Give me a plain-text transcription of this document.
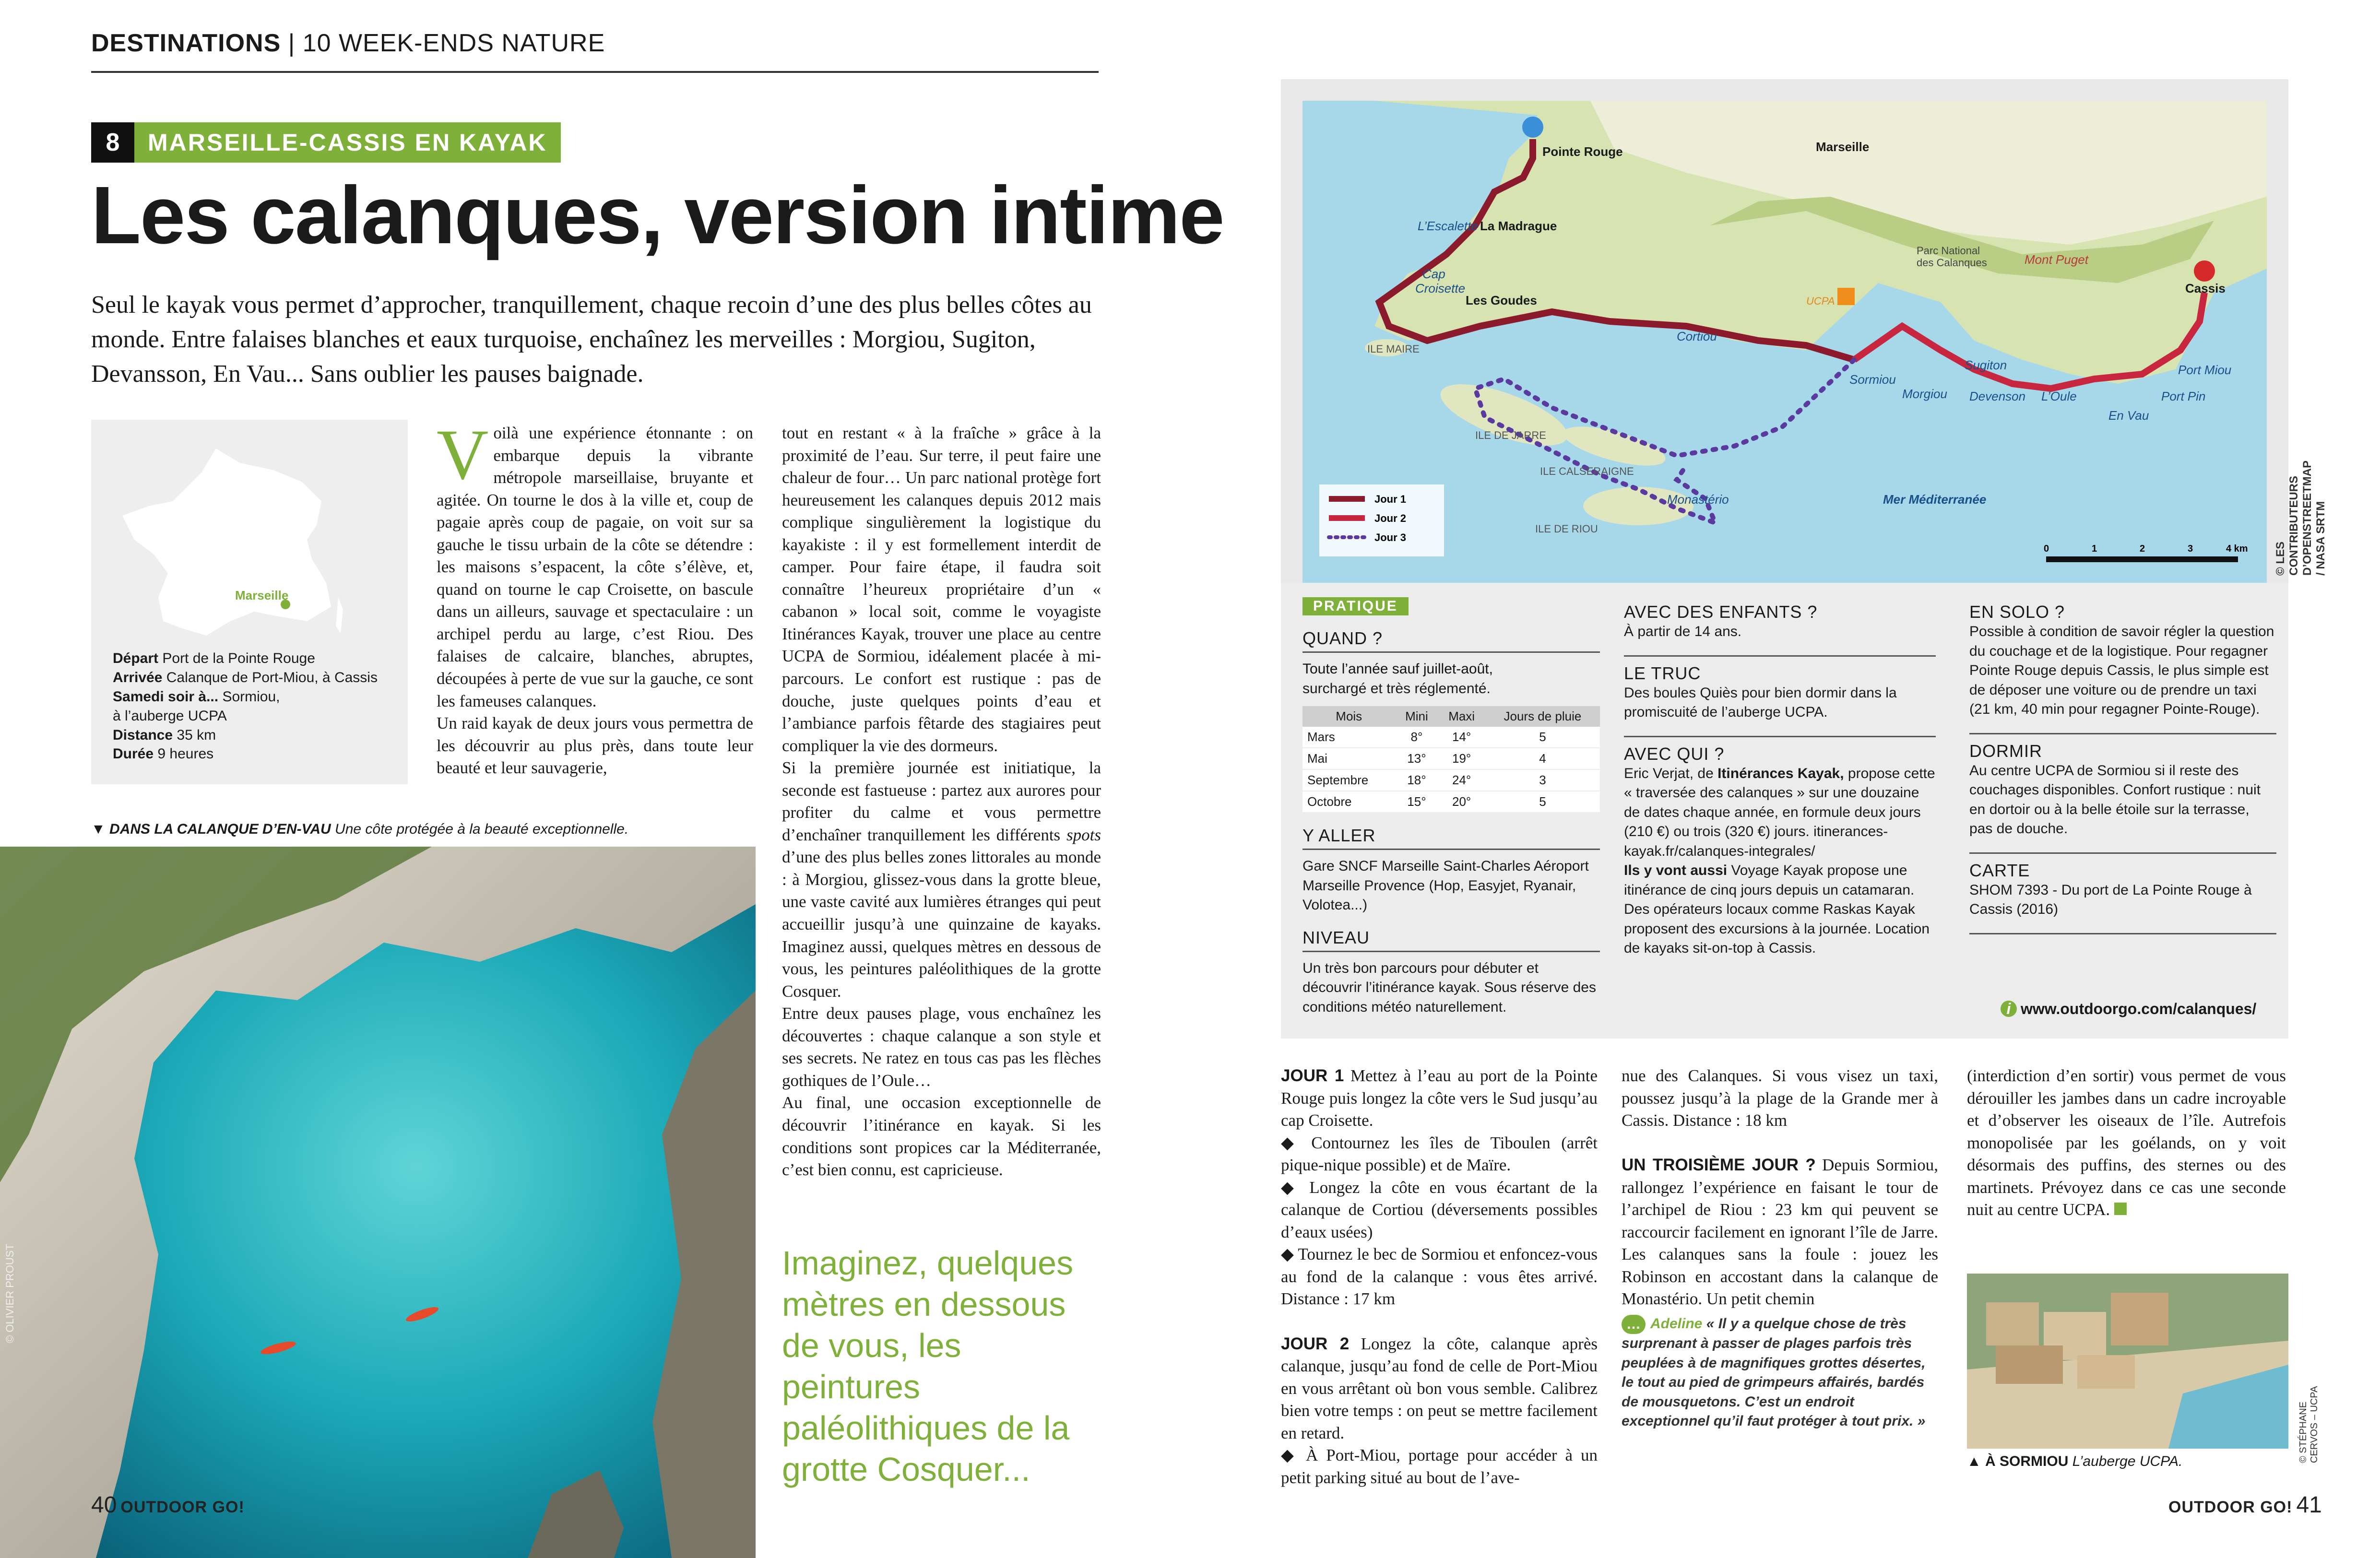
DESTINATIONS | 10 WEEK-ENDS NATURE
8	MARSEILLE-CASSIS EN KAYAK
Les calanques, version intime
Seul le kayak vous permet d’approcher, tranquillement, chaque recoin d’une des plus belles côtes au monde. Entre falaises blanches et eaux turquoise, enchaînez les merveilles : Morgiou, Sugiton, Devansson, En Vau... Sans oublier les pauses baignade.
Marseille
Départ Port de la Pointe Rouge
Arrivée Calanque de Port-Miou, à Cassis
Samedi soir à... Sormiou,
à l’auberge UCPA
Distance 35 km
Durée 9 heures
Voilà une expérience étonnante : on embarque depuis la vibrante métropole marseillaise, bruyante et agitée. On tourne le dos à la ville et, coup de pagaie après coup de pagaie, on voit sur sa gauche le tissu urbain de la côte se détendre : les maisons s’espacent, la côte s’élève, et, quand on tourne le cap Croisette, on bascule dans un ailleurs, sauvage et spectaculaire : un archipel perdu au large, c’est Riou. Des falaises de calcaire, blanches, abruptes, découpées à perte de vue sur la gauche, ce sont les fameuses calanques.
Un raid kayak de deux jours vous permettra de les découvrir au plus près, dans toute leur beauté et leur sauvagerie,
tout en restant « à la fraîche » grâce à la proximité de l’eau. Sur terre, il peut faire une chaleur de four… Un parc national protège fort heureusement les calanques depuis 2012 mais complique singulièrement la logistique du kayakiste : il y est formellement interdit de camper. Pour faire étape, il faudra soit connaître l’heureux propriétaire d’un « cabanon » local soit, comme le voyagiste Itinérances Kayak, trouver une place au centre UCPA de Sormiou, idéalement placée à mi-parcours. Le confort est rustique : pas de douche, juste quelques points d’eau et l’ambiance parfois fêtarde des stagiaires peut compliquer la vie des dormeurs.
Si la première journée est initiatique, la seconde est fastueuse : partez aux aurores pour profiter du calme et vous permettre d’enchaîner tranquillement les différents spots d’une des plus belles zones littorales au monde : à Morgiou, glissez-vous dans la grotte bleue, une vaste cavité aux lumières étranges qui peut accueillir jusqu’à une quinzaine de kayaks. Imaginez aussi, quelques mètres en dessous de vous, les peintures paléolithiques de la grotte Cosquer.
Entre deux pauses plage, vous enchaînez les découvertes : chaque calanque a son style et ses secrets. Ne ratez en tous cas pas les flèches gothiques de l’Oule…
Au final, une occasion exceptionnelle de découvrir l’itinérance en kayak. Si les conditions sont propices car la Méditerranée, c’est bien connu, est capricieuse.
▼ DANS LA CALANQUE D’EN-VAU Une côte protégée à la beauté exceptionnelle.
© OLIVIER PROUST	Imaginez, quelques mètres en dessous de vous, les peintures paléolithiques de la grotte Cosquer...
40 OUTDOOR GO!
Marseille
Pointe Rouge
L’Escalette La Madrague
Cap
Croisette
Les Goudes
ILE MAIRE
Cortiou
UCPA
Parc National
des Calanques	Mont Puget
Cassis
Sormiou
Morgiou
Sugiton
Devenson L’Oule
Port Miou
Port Pin
En Vau
ILE DE JARRE
ILE CALSERAIGNE
ILE DE RIOU
Monastério	Mer Méditerranée
Jour 1
Jour 2
Jour 3
0	1	2	3	4 km © LES CONTRIBUTEURS D’OPENSTREETMAP / NASA SRTM
PRATIQUE
QUAND ?
Toute l’année sauf juillet-août,
surchargé et très réglementé.
Mois	Mini	Maxi	Jours de pluie
Mars	8°	14°	5
Mai	13°	19°	4
Septembre	18°	24°	3
Octobre	15°	20°	5
Y ALLER
Gare SNCF Marseille Saint-Charles Aéroport Marseille Provence (Hop, Easyjet, Ryanair, Volotea...)
NIVEAU
Un très bon parcours pour débuter et découvrir l’itinérance kayak. Sous réserve des conditions météo naturellement.
AVEC DES ENFANTS ?
À partir de 14 ans.
LE TRUC
Des boules Quiès pour bien dormir dans la promiscuité de l’auberge UCPA.
AVEC QUI ?
Eric Verjat, de Itinérances Kayak, propose cette « traversée des calanques » sur une douzaine de dates chaque année, en formule deux jours (210 €) ou trois (320 €) jours. itinerances-kayak.fr/calanques-integrales/
Ils y vont aussi Voyage Kayak propose une itinérance de cinq jours depuis un catamaran. Des opérateurs locaux comme Raskas Kayak proposent des excursions à la journée. Location de kayaks sit-on-top à Cassis.
EN SOLO ?
Possible à condition de savoir régler la question du couchage et de la logistique. Pour regagner Pointe Rouge depuis Cassis, le plus simple est de déposer une voiture ou de prendre un taxi (21 km, 40 min pour regagner Pointe-Rouge).
DORMIR
Au centre UCPA de Sormiou si il reste des couchages disponibles. Confort rustique : nuit en dortoir ou à la belle étoile sur la terrasse, pas de douche.
CARTE
SHOM 7393 - Du port de La Pointe Rouge à Cassis (2016)
i www.outdoorgo.com/calanques/
JOUR 1 Mettez à l’eau au port de la Pointe Rouge puis longez la côte vers le Sud jusqu’au cap Croisette.
◆ Contournez les îles de Tiboulen (arrêt pique-nique possible) et de Maïre.
◆ Longez la côte en vous écartant de la calanque de Cortiou (déversements possibles d’eaux usées)
◆ Tournez le bec de Sormiou et enfoncez-vous au fond de la calanque : vous êtes arrivé. Distance : 17 km

JOUR 2 Longez la côte, calanque après calanque, jusqu’au fond de celle de Port-Miou en vous arrêtant où bon vous semble. Calibrez bien votre temps : on peut se mettre facilement en retard.
◆ À Port-Miou, portage pour accéder à un petit parking situé au bout de l’ave-
nue des Calanques. Si vous visez un taxi, poussez jusqu’à la plage de la Grande mer à Cassis. Distance : 18 km

UN TROISIÈME JOUR ? Depuis Sormiou, rallongez l’expérience en faisant le tour de l’archipel de Riou : 23 km qui peuvent se raccourcir facilement en ignorant l’île de Jarre. Les calanques sans la foule : jouez les Robinson en accostant dans la calanque de Monastério. Un petit chemin
… Adeline « Il y a quelque chose de très surprenant à passer de plages parfois très peuplées à de magnifiques grottes désertes, le tout au pied de grimpeurs affairés, bardés de mousquetons. C’est un endroit exceptionnel qu’il faut protéger à tout prix. »
(interdiction d’en sortir) vous permet de vous dérouiller les jambes dans un cadre incroyable et d’observer les oiseaux de l’île. Autrefois monopolisée par les goélands, on y voit désormais des puffins, des sternes ou des martinets. Prévoyez dans ce cas une seconde nuit au centre UCPA.
© STÉPHANE CERVOS – UCPA
▲ À SORMIOU L’auberge UCPA.
OUTDOOR GO! 41
